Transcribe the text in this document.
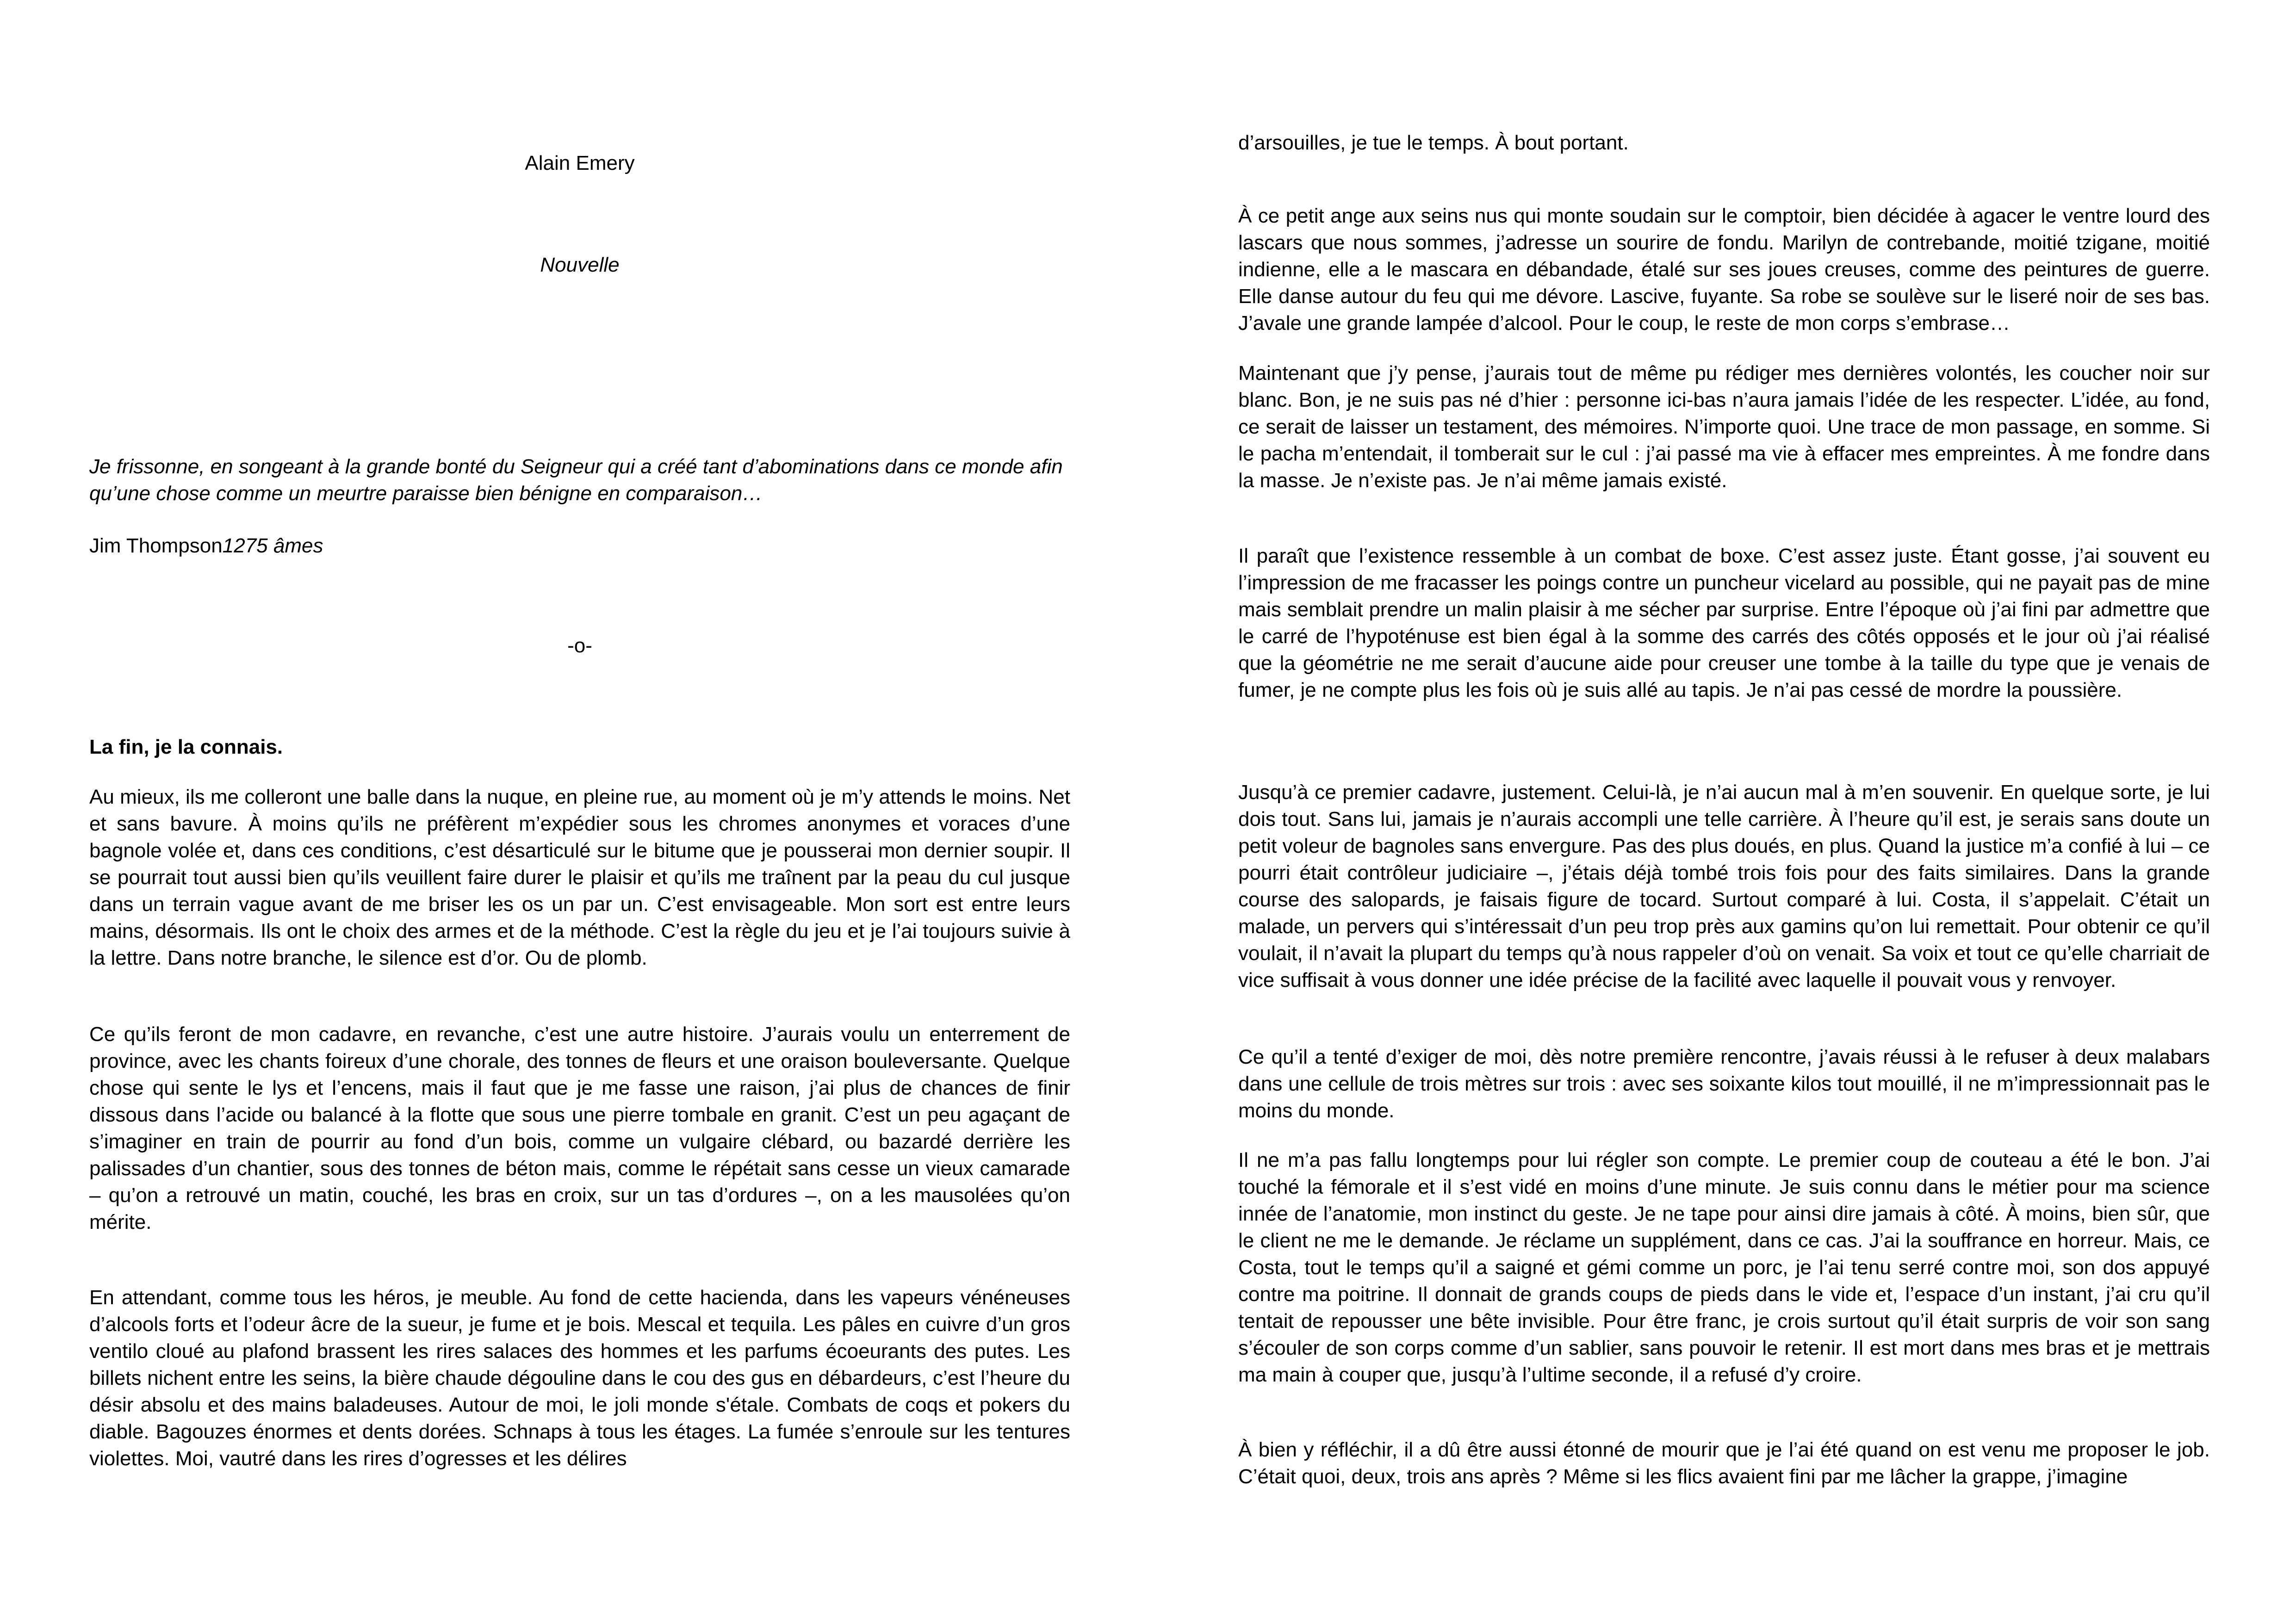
Alain Emery

Nouvelle

Je frissonne, en songeant à la grande bonté du Seigneur qui a créé tant d’abominations dans ce monde afin qu’une chose comme un meurtre paraisse bien bénigne en comparaison…

Jim Thompson1275 âmes

-o-

La fin, je la connais.

Au mieux, ils me colleront une balle dans la nuque, en pleine rue, au moment où je m’y attends le moins. Net et sans bavure. À moins qu’ils ne préfèrent m’expédier sous les chromes anonymes et voraces d’une bagnole volée et, dans ces conditions, c’est désarticulé sur le bitume que je pousserai mon dernier soupir. Il se pourrait tout aussi bien qu’ils veuillent faire durer le plaisir et qu’ils me traînent par la peau du cul jusque dans un terrain vague avant de me briser les os un par un. C’est envisageable. Mon sort est entre leurs mains, désormais. Ils ont le choix des armes et de la méthode. C’est la règle du jeu et je l’ai toujours suivie à la lettre. Dans notre branche, le silence est d’or. Ou de plomb.

Ce qu’ils feront de mon cadavre, en revanche, c’est une autre histoire. J’aurais voulu un enterrement de province, avec les chants foireux d’une chorale, des tonnes de fleurs et une oraison bouleversante. Quelque chose qui sente le lys et l’encens, mais il faut que je me fasse une raison, j’ai plus de chances de finir dissous dans l’acide ou balancé à la flotte que sous une pierre tombale en granit. C’est un peu agaçant de s’imaginer en train de pourrir au fond d’un bois, comme un vulgaire clébard, ou bazardé derrière les palissades d’un chantier, sous des tonnes de béton mais, comme le répétait sans cesse un vieux camarade – qu’on a retrouvé un matin, couché, les bras en croix, sur un tas d’ordures –, on a les mausolées qu’on mérite.

En attendant, comme tous les héros, je meuble. Au fond de cette hacienda, dans les vapeurs vénéneuses d’alcools forts et l’odeur âcre de la sueur, je fume et je bois. Mescal et tequila. Les pâles en cuivre d’un gros ventilo cloué au plafond brassent les rires salaces des hommes et les parfums écoeurants des putes. Les billets nichent entre les seins, la bière chaude dégouline dans le cou des gus en débardeurs, c’est l’heure du désir absolu et des mains baladeuses. Autour de moi, le joli monde s'étale. Combats de coqs et pokers du diable. Bagouzes énormes et dents dorées. Schnaps à tous les étages. La fumée s’enroule sur les tentures violettes. Moi, vautré dans les rires d’ogresses et les délires

d’arsouilles, je tue le temps. À bout portant.

À ce petit ange aux seins nus qui monte soudain sur le comptoir, bien décidée à agacer le ventre lourd des lascars que nous sommes, j’adresse un sourire de fondu. Marilyn de contrebande, moitié tzigane, moitié indienne, elle a le mascara en débandade, étalé sur ses joues creuses, comme des peintures de guerre. Elle danse autour du feu qui me dévore. Lascive, fuyante. Sa robe se soulève sur le liseré noir de ses bas. J’avale une grande lampée d’alcool. Pour le coup, le reste de mon corps s’embrase…

Maintenant que j’y pense, j’aurais tout de même pu rédiger mes dernières volontés, les coucher noir sur blanc. Bon, je ne suis pas né d’hier : personne ici-bas n’aura jamais l’idée de les respecter. L’idée, au fond, ce serait de laisser un testament, des mémoires. N’importe quoi. Une trace de mon passage, en somme. Si le pacha m’entendait, il tomberait sur le cul : j’ai passé ma vie à effacer mes empreintes. À me fondre dans la masse. Je n’existe pas. Je n’ai même jamais existé.

Il paraît que l’existence ressemble à un combat de boxe. C’est assez juste. Étant gosse, j’ai souvent eu l’impression de me fracasser les poings contre un puncheur vicelard au possible, qui ne payait pas de mine mais semblait prendre un malin plaisir à me sécher par surprise. Entre l’époque où j’ai fini par admettre que le carré de l’hypoténuse est bien égal à la somme des carrés des côtés opposés et le jour où j’ai réalisé que la géométrie ne me serait d’aucune aide pour creuser une tombe à la taille du type que je venais de fumer, je ne compte plus les fois où je suis allé au tapis. Je n’ai pas cessé de mordre la poussière.

Jusqu’à ce premier cadavre, justement. Celui-là, je n’ai aucun mal à m’en souvenir. En quelque sorte, je lui dois tout. Sans lui, jamais je n’aurais accompli une telle carrière. À l’heure qu’il est, je serais sans doute un petit voleur de bagnoles sans envergure. Pas des plus doués, en plus. Quand la justice m’a confié à lui – ce pourri était contrôleur judiciaire –, j’étais déjà tombé trois fois pour des faits similaires. Dans la grande course des salopards, je faisais figure de tocard. Surtout comparé à lui. Costa, il s’appelait. C’était un malade, un pervers qui s’intéressait d’un peu trop près aux gamins qu’on lui remettait. Pour obtenir ce qu’il voulait, il n’avait la plupart du temps qu’à nous rappeler d’où on venait. Sa voix et tout ce qu’elle charriait de vice suffisait à vous donner une idée précise de la facilité avec laquelle il pouvait vous y renvoyer.

Ce qu’il a tenté d’exiger de moi, dès notre première rencontre, j’avais réussi à le refuser à deux malabars dans une cellule de trois mètres sur trois : avec ses soixante kilos tout mouillé, il ne m’impressionnait pas le moins du monde.

Il ne m’a pas fallu longtemps pour lui régler son compte. Le premier coup de couteau a été le bon. J’ai touché la fémorale et il s’est vidé en moins d’une minute. Je suis connu dans le métier pour ma science innée de l’anatomie, mon instinct du geste. Je ne tape pour ainsi dire jamais à côté. À moins, bien sûr, que le client ne me le demande. Je réclame un supplément, dans ce cas. J’ai la souffrance en horreur. Mais, ce Costa, tout le temps qu’il a saigné et gémi comme un porc, je l’ai tenu serré contre moi, son dos appuyé contre ma poitrine. Il donnait de grands coups de pieds dans le vide et, l’espace d’un instant, j’ai cru qu’il tentait de repousser une bête invisible. Pour être franc, je crois surtout qu’il était surpris de voir son sang s’écouler de son corps comme d’un sablier, sans pouvoir le retenir. Il est mort dans mes bras et je mettrais ma main à couper que, jusqu’à l’ultime seconde, il a refusé d’y croire.

À bien y réfléchir, il a dû être aussi étonné de mourir que je l’ai été quand on est venu me proposer le job. C’était quoi, deux, trois ans après ? Même si les flics avaient fini par me lâcher la grappe, j’imagine
